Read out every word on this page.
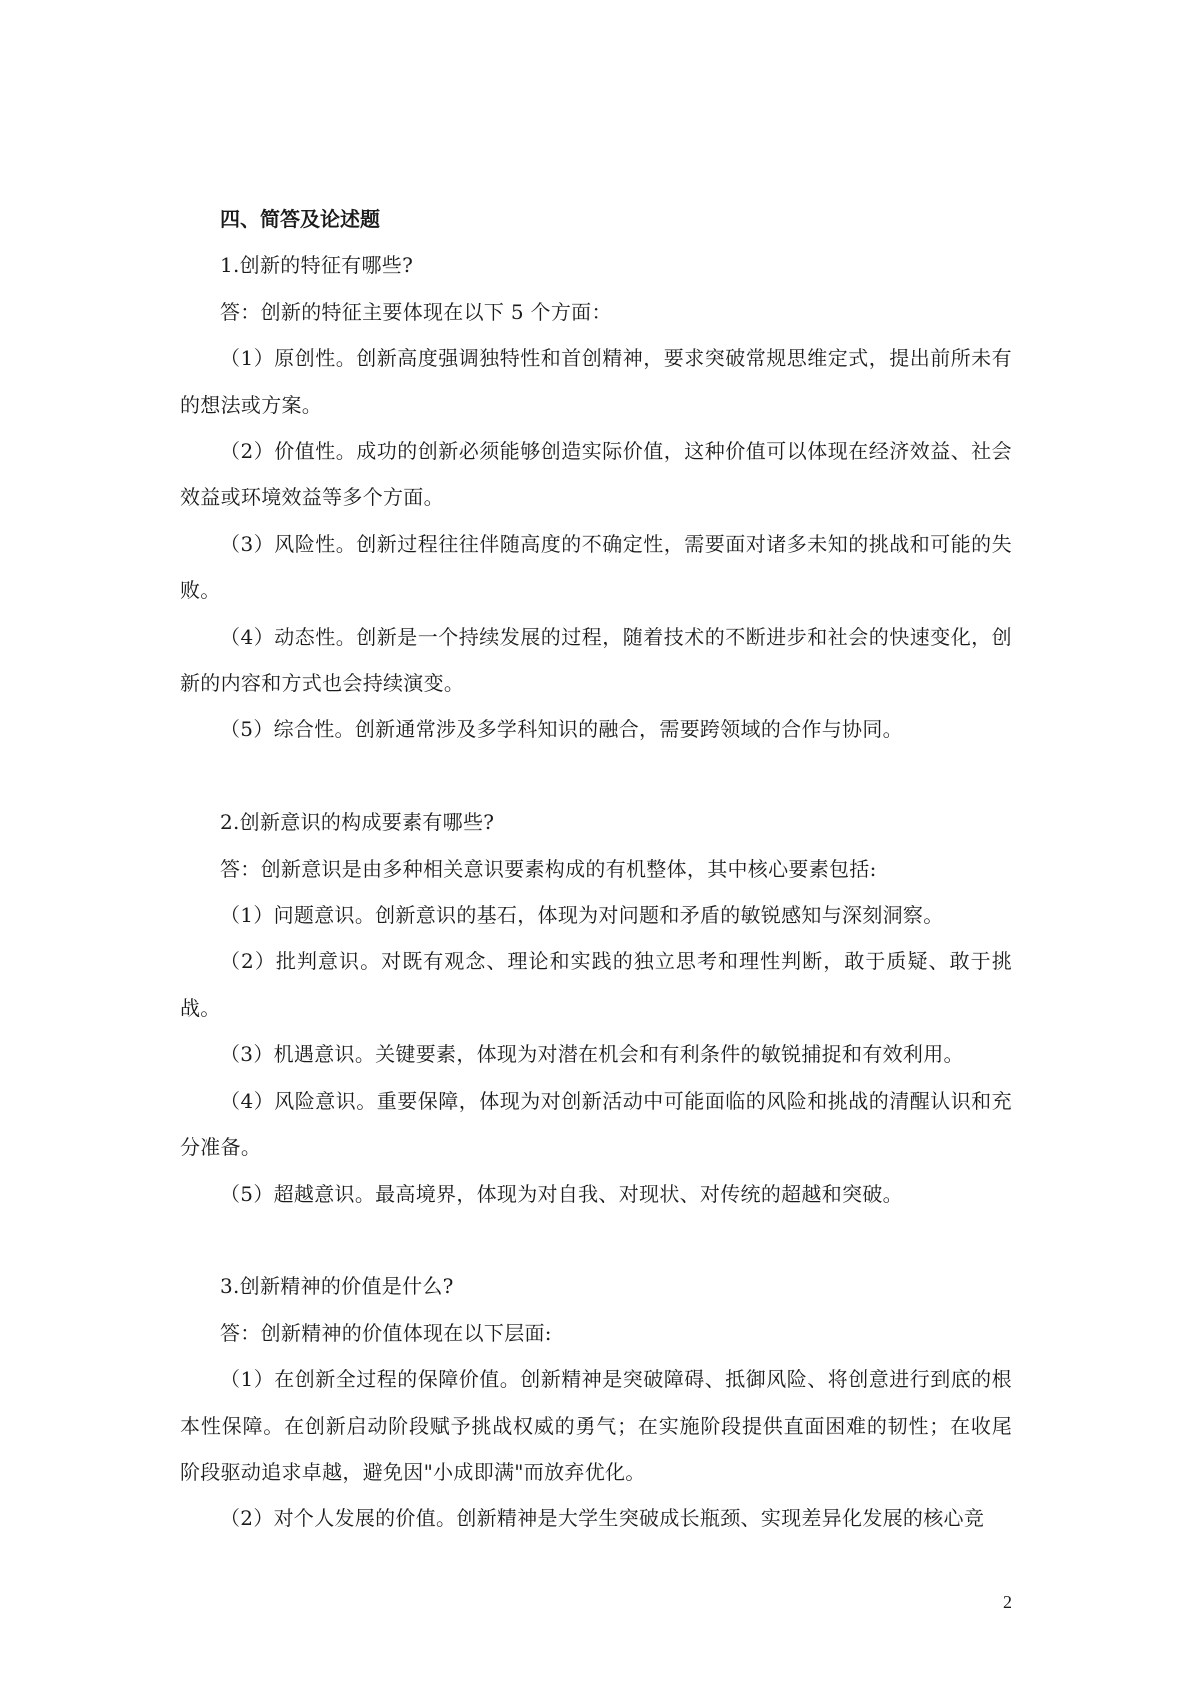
四、简答及论述题

1.创新的特征有哪些?

答：创新的特征主要体现在以下 5 个方面：

（1）原创性。创新高度强调独特性和首创精神，要求突破常规思维定式，提出前所未有的想法或方案。

（2）价值性。成功的创新必须能够创造实际价值，这种价值可以体现在经济效益、社会效益或环境效益等多个方面。

（3）风险性。创新过程往往伴随高度的不确定性，需要面对诸多未知的挑战和可能的失败。

（4）动态性。创新是一个持续发展的过程，随着技术的不断进步和社会的快速变化，创新的内容和方式也会持续演变。

（5）综合性。创新通常涉及多学科知识的融合，需要跨领域的合作与协同。

2.创新意识的构成要素有哪些?

答：创新意识是由多种相关意识要素构成的有机整体，其中核心要素包括:

（1）问题意识。创新意识的基石，体现为对问题和矛盾的敏锐感知与深刻洞察。

（2）批判意识。对既有观念、理论和实践的独立思考和理性判断，敢于质疑、敢于挑战。

（3）机遇意识。关键要素，体现为对潜在机会和有利条件的敏锐捕捉和有效利用。

（4）风险意识。重要保障，体现为对创新活动中可能面临的风险和挑战的清醒认识和充分准备。

（5）超越意识。最高境界，体现为对自我、对现状、对传统的超越和突破。

3.创新精神的价值是什么?

答：创新精神的价值体现在以下层面:

（1）在创新全过程的保障价值。创新精神是突破障碍、抵御风险、将创意进行到底的根本性保障。在创新启动阶段赋予挑战权威的勇气；在实施阶段提供直面困难的韧性；在收尾阶段驱动追求卓越，避免因"小成即满"而放弃优化。

（2）对个人发展的价值。创新精神是大学生突破成长瓶颈、实现差异化发展的核心竞

2
